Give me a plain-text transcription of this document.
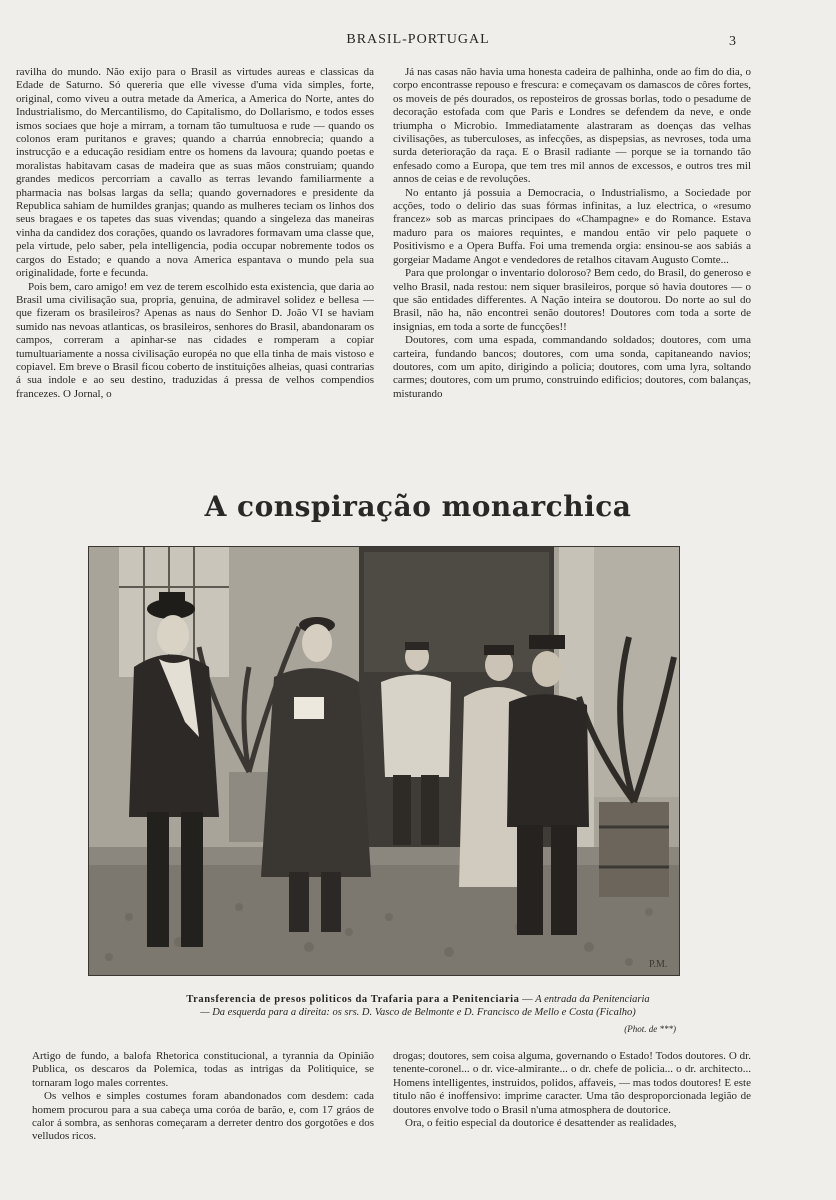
BRASIL-PORTUGAL	3

ravilha do mundo. Não exijo para o Brasil as virtudes aureas e classicas da Edade de Saturno. Só quereria que elle vivesse d'uma vida simples, forte, original, como viveu a outra metade da America, a America do Norte, antes do Industrialismo, do Mercantilismo, do Capitalismo, do Dollarismo, e todos esses ismos sociaes que hoje a mirram, a tornam tão tumultuosa e rude — quando os colonos eram puritanos e graves; quando a charrúa ennobrecia; quando a instrucção e a educação residiam entre os homens da lavoura; quando poetas e moralistas habitavam casas de madeira que as suas mãos construiam; quando grandes medicos percorriam a cavallo as terras levando familiarmente a pharmacia nas bolsas largas da sella; quando governadores e presidente da Republica sahiam de humildes granjas; quando as mulheres teciam os linhos dos seus bragaes e os tapetes das suas vivendas; quando a singeleza das maneiras vinha da candidez dos corações, quando os lavradores formavam uma classe que, pela virtude, pelo saber, pela intelligencia, podia occupar nobremente todos os cargos do Estado; e quando a nova America espantava o mundo pela sua originalidade, forte e fecunda.

Pois bem, caro amigo! em vez de terem escolhido esta existencia, que daria ao Brasil uma civilisação sua, propria, genuina, de admiravel solidez e bellesa — que fizeram os brasileiros? Apenas as naus do Senhor D. João VI se haviam sumido nas nevoas atlanticas, os brasileiros, senhores do Brasil, abandonaram os campos, correram a apinhar-se nas cidades e romperam a copiar tumultuariamente a nossa civilisação européa no que ella tinha de mais vistoso e copiavel. Em breve o Brasil ficou coberto de instituições alheias, quasi contrarias á sua indole e ao seu destino, traduzidas á pressa de velhos compendios francezes. O Jornal, o

Já nas casas não havia uma honesta cadeira de palhinha, onde ao fim do dia, o corpo encontrasse repouso e frescura: e começavam os damascos de côres fortes, os moveis de pés dourados, os reposteiros de grossas borlas, todo o pesadume de decoração estofada com que Paris e Londres se defendem da neve, e onde triumpha o Microbio. Immediatamente alastraram as doenças das velhas civilisações, as tuberculoses, as infecções, as dispepsias, as nevroses, toda uma surda deterioração da raça. E o Brasil radiante — porque se ia tornando tão enfesado como a Europa, que tem tres mil annos de excessos, e outros tres mil annos de ceias e de revoluções.

No entanto já possuia a Democracia, o Industrialismo, a Sociedade por acções, todo o delirio das suas fórmas infinitas, a luz electrica, o «resumo francez» sob as marcas principaes do «Champagne» e do Romance. Estava maduro para os maiores requintes, e mandou então vir pelo paquete o Positivismo e a Opera Buffa. Foi uma tremenda orgia: ensinou-se aos sabiás a gorgeiar Madame Angot e vendedores de retalhos citavam Augusto Comte...

Para que prolongar o inventario doloroso? Bem cedo, do Brasil, do generoso e velho Brasil, nada restou: nem siquer brasileiros, porque só havia doutores — o que são entidades differentes. A Nação inteira se doutorou. Do norte ao sul do Brasil, não ha, não encontrei senão doutores! Doutores com toda a sorte de insignias, em toda a sorte de funcções!!

Doutores, com uma espada, commandando soldados; doutores, com uma carteira, fundando bancos; doutores, com uma sonda, capitaneando navios; doutores, com um apito, dirigindo a policia; doutores, com uma lyra, soltando carmes; doutores, com um prumo, construindo edificios; doutores, com balanças, misturando

A conspiração monarchica
P.M.
Transferencia de presos politicos da Trafaria para a Penitenciaria — A entrada da Penitenciaria
— Da esquerda para a direita: os srs. D. Vasco de Belmonte e D. Francisco de Mello e Costa (Ficalho)
(Phot. de ***)

Artigo de fundo, a balofa Rhetorica constitucional, a tyrannia da Opinião Publica, os descaros da Polemica, todas as intrigas da Politiquice, se tornaram logo males correntes.

Os velhos e simples costumes foram abandonados com desdem: cada homem procurou para a sua cabeça uma coróa de barão, e, com 17 gráos de calor á sombra, as senhoras começaram a derreter dentro dos gorgotões e dos velludos ricos.

drogas; doutores, sem coisa alguma, governando o Estado! Todos doutores. O dr. tenente-coronel... o dr. vice-almirante... o dr. chefe de policia... o dr. architecto... Homens intelligentes, instruidos, polidos, affaveis, — mas todos doutores! E este titulo não é inoffensivo: imprime caracter. Uma tão desproporcionada legião de doutores envolve todo o Brasil n'uma atmosphera de doutorice.

Ora, o feitio especial da doutorice é desattender as realidades,
